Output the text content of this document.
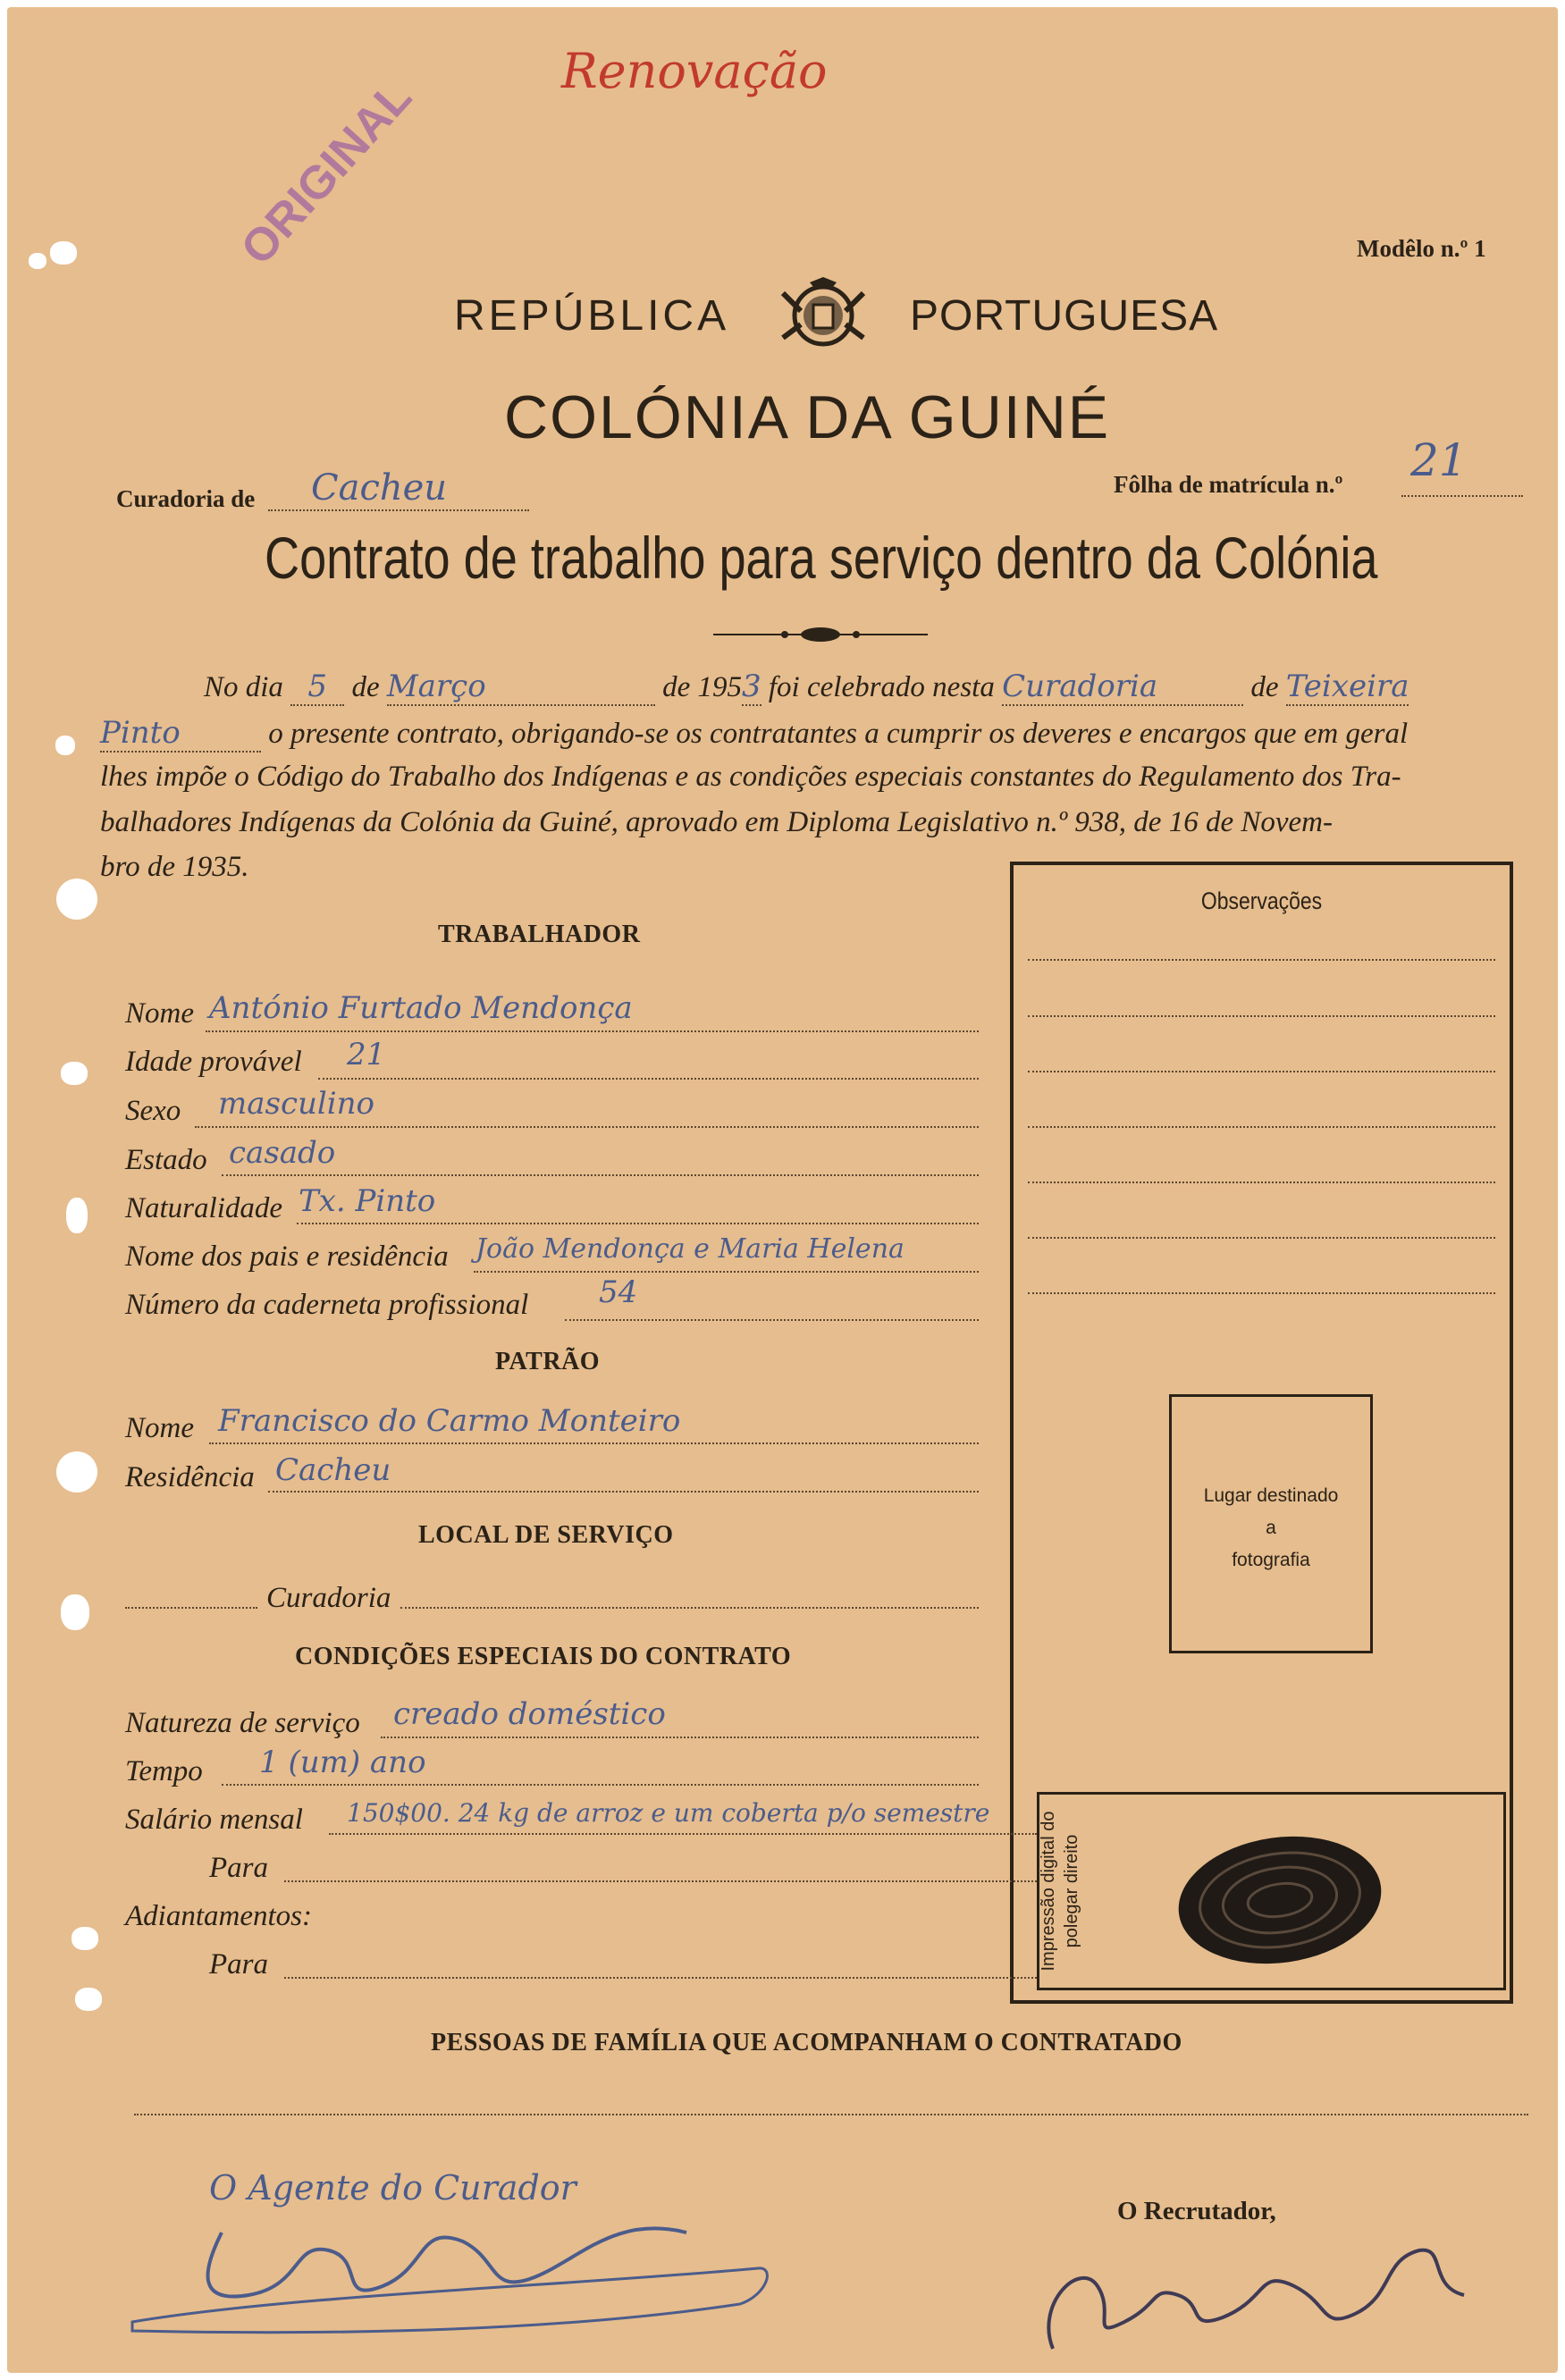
Renovação
ORIGINAL	Modêlo n.º 1
REPÚBLICA	PORTUGUESA
COLÓNIA DA GUINÉ
Curadoria de Cacheu	Fôlha de matrícula n.º 21
Contrato de trabalho para serviço dentro da Colónia
No dia 5 de Março	de 1953 foi celebrado nesta Curadoria	de Teixeira
Pinto	o presente contrato, obrigando-se os contratantes a cumprir os deveres e encargos que em geral
lhes impõe o Código do Trabalho dos Indígenas e as condições especiais constantes do Regulamento dos Tra-
balhadores Indígenas da Colónia da Guiné, aprovado em Diploma Legislativo n.º 938, de 16 de Novem-
bro de 1935.
Observações
Lugar destinado
a
fotografia
Impressão digital do polegar direito
TRABALHADOR
Nome António Furtado Mendonça
Idade provável 21
Sexo masculino
Estado casado
Naturalidade Tx. Pinto
Nome dos pais e residência João Mendonça e Maria Helena
Número da caderneta profissional 54
PATRÃO
Nome Francisco do Carmo Monteiro
Residência Cacheu
LOCAL DE SERVIÇO
Curadoria
CONDIÇÕES ESPECIAIS DO CONTRATO
Natureza de serviço creado doméstico
Tempo 1 (um) ano
Salário mensal 150$00. 24 kg de arroz e um coberta p/o semestre
Para
Adiantamentos:
Para
PESSOAS DE FAMÍLIA QUE ACOMPANHAM O CONTRATADO
O Agente do Curador
O Recrutador,
